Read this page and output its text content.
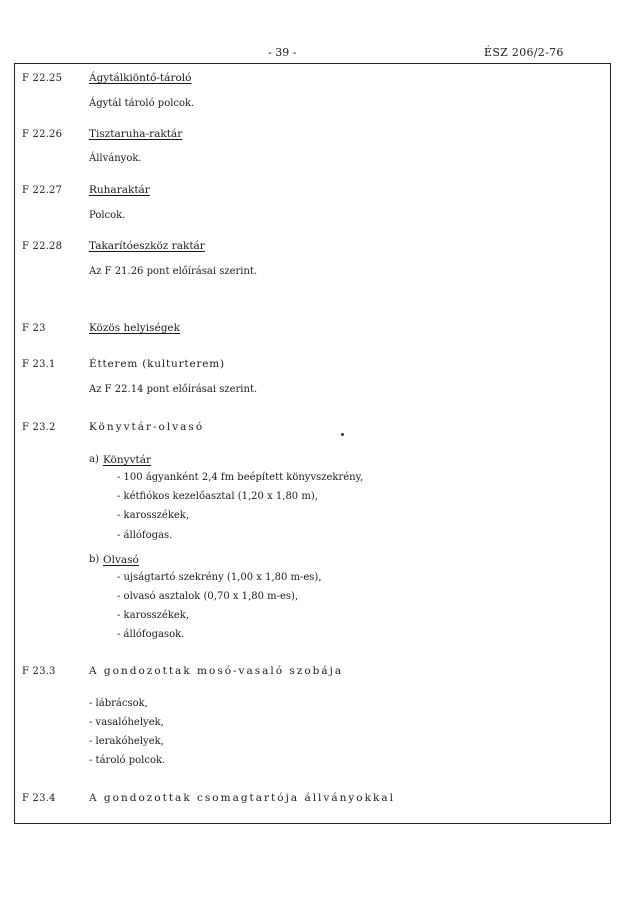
- 39 -	ÉSZ 206/2-76
F 22.25	Ágytálkiöntő-tároló
Ágytál tároló polcok.
F 22.26	Tisztaruha-raktár
Állványok.
F 22.27	Ruharaktár
Polcok.
F 22.28	Takarítóeszköz raktár
Az F 21.26 pont előírásai szerint.
F 23	Közös helyiségek
F 23.1	Étterem (kulturterem)
Az F 22.14 pont előírásai szerint.
F 23.2	Könyvtár-olvasó
a) Könyvtár
- 100 ágyanként 2,4 fm beépített könyvszekrény,
- kétfiókos kezelőasztal (1,20 x 1,80 m),
- karosszékek,
- állófogas.
b) Olvasó
- ujságtartó szekrény (1,00 x 1,80 m-es),
- olvasó asztalok (0,70 x 1,80 m-es),
- karosszékek,
- állófogasok.
F 23.3	A gondozottak mosó-vasaló szobája
- lábrácsok,
- vasalóhelyek,
- lerakóhelyek,
- tároló polcok.
F 23.4	A gondozottak csomagtartója állványokkal
